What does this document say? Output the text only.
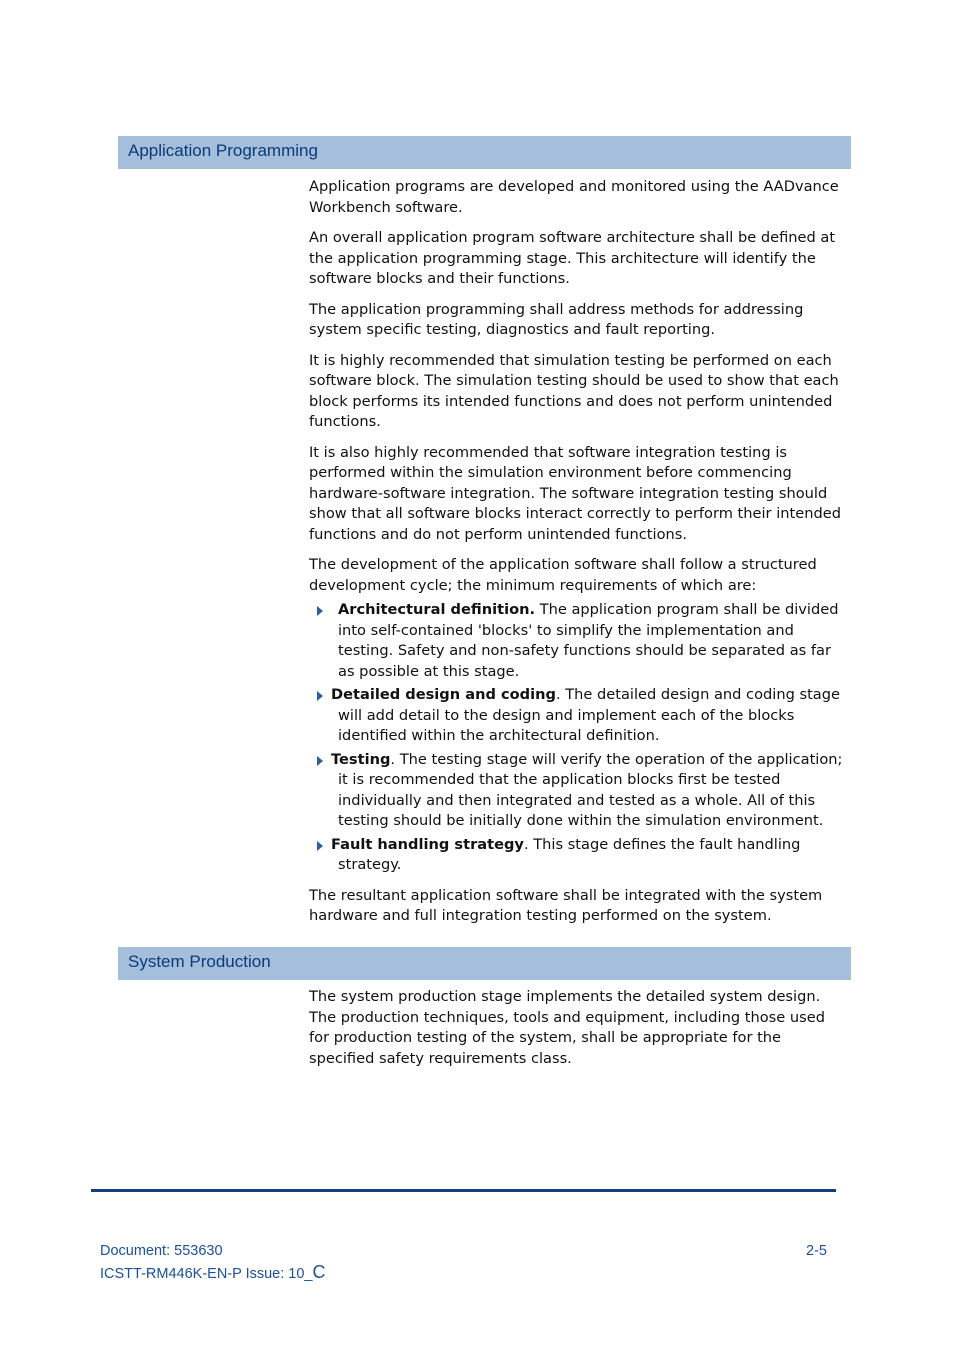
Application Programming

Application programs are developed and monitored using the AADvance Workbench software.

An overall application program software architecture shall be defined at the application programming stage. This architecture will identify the software blocks and their functions.

The application programming shall address methods for addressing system specific testing, diagnostics and fault reporting.

It is highly recommended that simulation testing be performed on each software block. The simulation testing should be used to show that each block performs its intended functions and does not perform unintended functions.

It is also highly recommended that software integration testing is performed within the simulation environment before commencing hardware-software integration. The software integration testing should show that all software blocks interact correctly to perform their intended functions and do not perform unintended functions.

The development of the application software shall follow a structured development cycle; the minimum requirements of which are:

Architectural definition. The application program shall be divided into self-contained 'blocks' to simplify the implementation and testing. Safety and non-safety functions should be separated as far as possible at this stage.
Detailed design and coding. The detailed design and coding stage will add detail to the design and implement each of the blocks identified within the architectural definition.
Testing. The testing stage will verify the operation of the application; it is recommended that the application blocks first be tested individually and then integrated and tested as a whole. All of this testing should be initially done within the simulation environment.
Fault handling strategy. This stage defines the fault handling strategy.

The resultant application software shall be integrated with the system hardware and full integration testing performed on the system.

System Production

The system production stage implements the detailed system design. The production techniques, tools and equipment, including those used for production testing of the system, shall be appropriate for the specified safety requirements class.

Document: 553630
ICSTT-RM446K-EN-P Issue: 10_C
2-5
